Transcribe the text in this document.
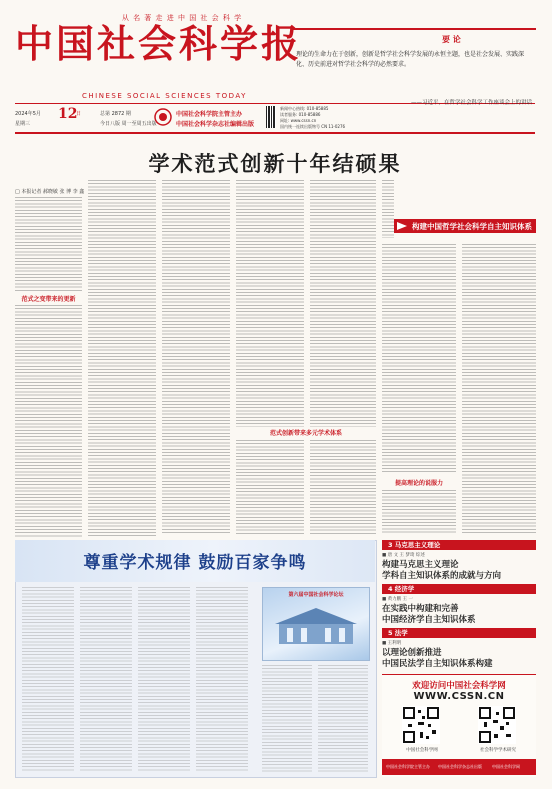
从 名 著 走 进 中 国 社 会 科 学
中国社会科学报
CHINESE SOCIAL SCIENCES TODAY
2024年5月 12
日
星期三
总第 2872 期
今日八版 周一至周五出版
中国社会科学院主管主办
中国社会科学杂志社编辑出版
新闻中心热线: 010-85885
读者服务: 010-85886
网址: www.cssn.cn
国内统一连续出版物号 CN 11-0276
要 论
理论的生命力在于创新，创新是哲学社会科学发展的永恒主题，也是社会发展、实践深化、历史前进对哲学社会科学的必然要求。
——习近平，在哲学社会科学工作座谈会上的讲话
学术范式创新十年结硕果
□ 本报记者 郝晓敏 张 博 李 鑫
范式之变带来的更新
范式创新带来多元学术体系
构建中国哲学社会科学自主知识体系
提高理论的说服力
尊重学术规律 鼓励百家争鸣
第六届中国社会科学论坛
3 马克思主义理论
■ 唐 文 王 梦琦 综述
构建马克思主义理论
学科自主知识体系的成就与方向
4 经济学
■ 黄力鹏 王 一
在实践中构建和完善
中国经济学自主知识体系
5 法学
■ 王利明
以理论创新推进
中国民法学自主知识体系构建
欢迎访问中国社会科学网
WWW.CSSN.CN
中国社会科学网	社会科学学术研究
中国社会科学院主管主办 中国社会科学杂志社出版	中国社会科学网
